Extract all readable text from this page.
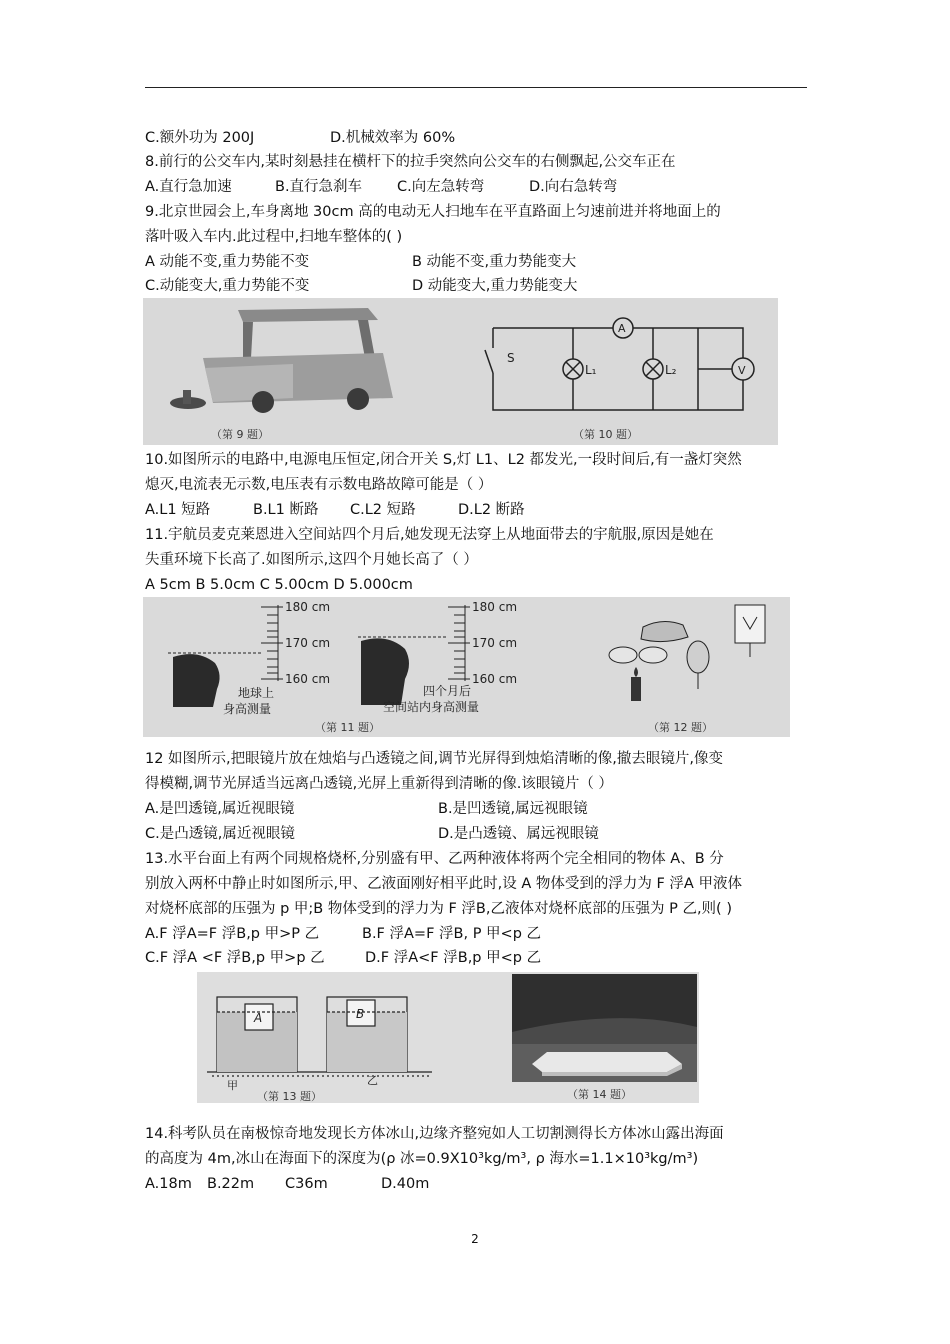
C.额外功为 200J	D.机械效率为 60%
8.前行的公交车内,某时刻悬挂在横杆下的拉手突然向公交车的右侧飘起,公交车正在
A.直行急加速	B.直行急刹车 C.向左急转弯	D.向右急转弯
9.北京世园会上,车身离地 30cm 高的电动无人扫地车在平直路面上匀速前进并将地面上的
落叶吸入车内.此过程中,扫地车整体的( )
A 动能不变,重力势能不变	B 动能不变,重力势能变大
C.动能变大,重力势能不变	D 动能变大,重力势能变大
（第 9 题）
S
L₁	L₂
A
V
（第 10 题）
10.如图所示的电路中,电源电压恒定,闭合开关 S,灯 L1、L2 都发光,一段时间后,有一盏灯突然
熄灭,电流表无示数,电压表有示数电路故障可能是（ ）
A.L1 短路	B.L1 断路 C.L2 短路	D.L2 断路
11.宇航员麦克莱恩进入空间站四个月后,她发现无法穿上从地面带去的宇航服,原因是她在
失重环境下长高了.如图所示,这四个月她长高了（ ）
A 5cm B 5.0cm C 5.00cm D 5.000cm
180 cm
170 cm
160 cm
地球上
身高测量
180 cm
170 cm
160 cm
四个月后
空间站内身高测量
（第 11 题）	（第 12 题）
12 如图所示,把眼镜片放在烛焰与凸透镜之间,调节光屏得到烛焰清晰的像,撤去眼镜片,像变
得模糊,调节光屏适当远离凸透镜,光屏上重新得到清晰的像.该眼镜片（ ）
A.是凹透镜,属近视眼镜	B.是凹透镜,属远视眼镜
C.是凸透镜,属近视眼镜	D.是凸透镜、属远视眼镜
13.水平台面上有两个同规格烧杯,分别盛有甲、乙两种液体将两个完全相同的物体 A、B 分
别放入两杯中静止时如图所示,甲、乙液面刚好相平此时,设 A 物体受到的浮力为 F 浮A 甲液体
对烧杯底部的压强为 p 甲;B 物体受到的浮力为 F 浮B,乙液体对烧杯底部的压强为 P 乙,则( )
A.F 浮A=F 浮B,p 甲>P 乙	B.F 浮A=F 浮B, P 甲<p 乙
C.F 浮A <F 浮B,p 甲>p 乙	D.F 浮A<F 浮B,p 甲<p 乙
A	B
甲	乙
（第 13 题）	（第 14 题）
14.科考队员在南极惊奇地发现长方体冰山,边缘齐整宛如人工切割测得长方体冰山露出海面
的高度为 4m,冰山在海面下的深度为(ρ 冰=0.9X10³kg/m³, ρ 海水=1.1×10³kg/m³)
A.18m B.22m C36m	D.40m
2
